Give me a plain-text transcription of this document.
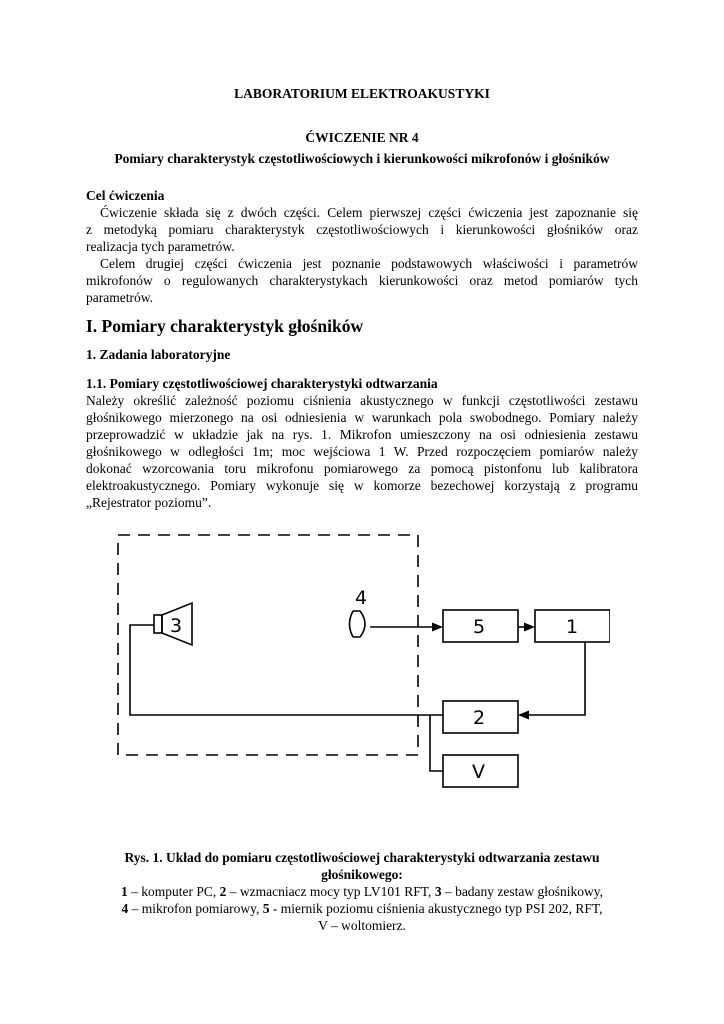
LABORATORIUM ELEKTROAKUSTYKI
ĆWICZENIE NR 4
Pomiary charakterystyk częstotliwościowych i kierunkowości mikrofonów i głośników
Cel ćwiczenia
Ćwiczenie składa się z dwóch części. Celem pierwszej części ćwiczenia jest zapoznanie się
z metodyką pomiaru charakterystyk częstotliwościowych i kierunkowości głośników oraz
realizacja tych parametrów.
Celem drugiej części ćwiczenia jest poznanie podstawowych właściwości i parametrów
mikrofonów o regulowanych charakterystykach kierunkowości oraz metod pomiarów tych
parametrów.
I. Pomiary charakterystyk głośników
1. Zadania laboratoryjne
1.1. Pomiary częstotliwościowej charakterystyki odtwarzania
Należy określić zależność poziomu ciśnienia akustycznego w funkcji częstotliwości zestawu
głośnikowego mierzonego na osi odniesienia w warunkach pola swobodnego. Pomiary należy
przeprowadzić w układzie jak na rys. 1. Mikrofon umieszczony na osi odniesienia zestawu
głośnikowego w odległości 1m; moc wejściowa 1 W. Przed rozpoczęciem pomiarów należy
dokonać wzorcowania toru mikrofonu pomiarowego za pomocą pistonfonu lub kalibratora
elektroakustycznego. Pomiary wykonuje się w komorze bezechowej korzystają z programu
„Rejestrator poziomu”.
3
4
5	1
2
V
Rys. 1. Układ do pomiaru częstotliwościowej charakterystyki odtwarzania zestawu
głośnikowego:
1 – komputer PC, 2 – wzmacniacz mocy typ LV101 RFT, 3 – badany zestaw głośnikowy,
4 – mikrofon pomiarowy, 5 - miernik poziomu ciśnienia akustycznego typ PSI 202, RFT,
V – woltomierz.
